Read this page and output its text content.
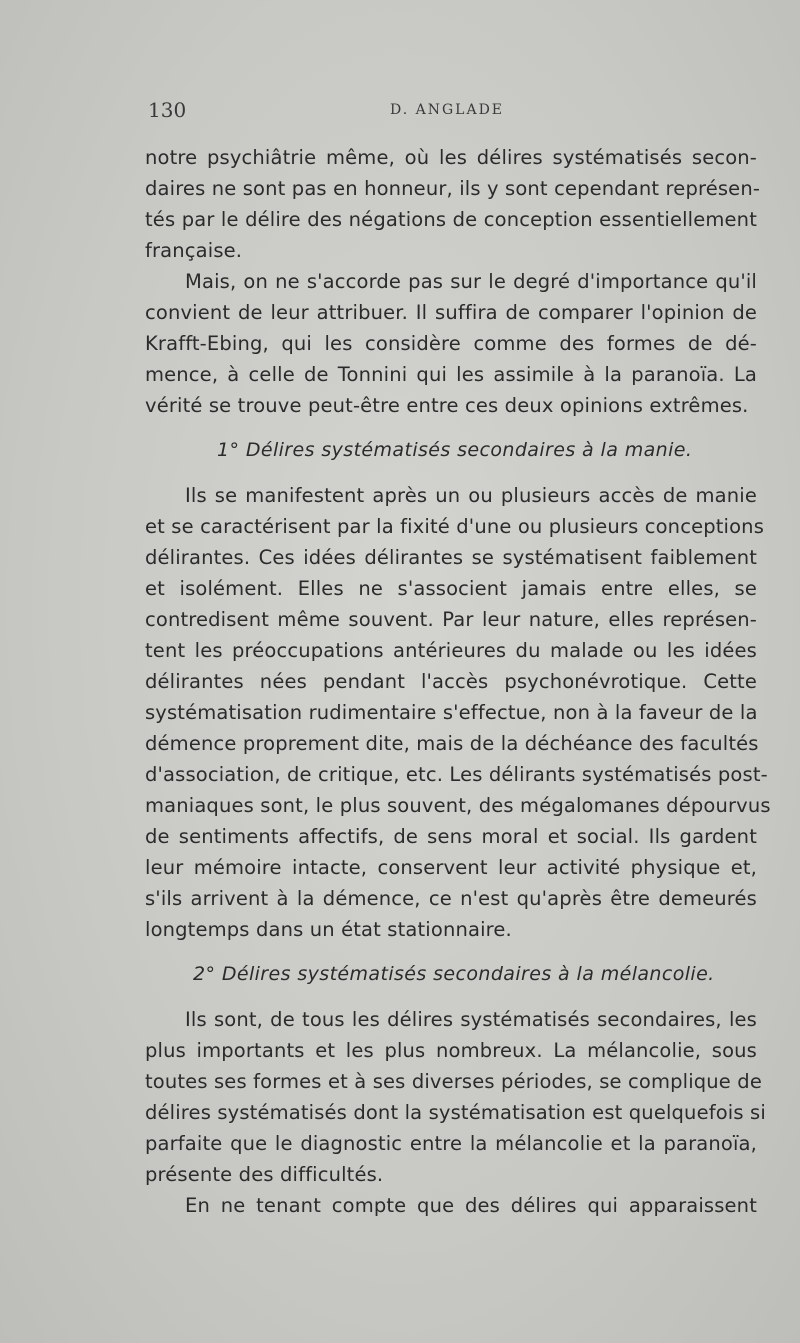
130	D. ANGLADE
notre psychiâtrie même, où les délires systématisés secon-
daires ne sont pas en honneur, ils y sont cependant représen-
tés par le délire des négations de conception essentiellement
française.
Mais, on ne s'accorde pas sur le degré d'importance qu'il
convient de leur attribuer. Il suffira de comparer l'opinion de
Krafft-Ebing, qui les considère comme des formes de dé-
mence, à celle de Tonnini qui les assimile à la paranoïa. La
vérité se trouve peut-être entre ces deux opinions extrêmes.
1° Délires systématisés secondaires à la manie.
Ils se manifestent après un ou plusieurs accès de manie
et se caractérisent par la fixité d'une ou plusieurs conceptions
délirantes. Ces idées délirantes se systématisent faiblement
et isolément. Elles ne s'associent jamais entre elles, se
contredisent même souvent. Par leur nature, elles représen-
tent les préoccupations antérieures du malade ou les idées
délirantes nées pendant l'accès psychonévrotique. Cette
systématisation rudimentaire s'effectue, non à la faveur de la
démence proprement dite, mais de la déchéance des facultés
d'association, de critique, etc. Les délirants systématisés post-
maniaques sont, le plus souvent, des mégalomanes dépourvus
de sentiments affectifs, de sens moral et social. Ils gardent
leur mémoire intacte, conservent leur activité physique et,
s'ils arrivent à la démence, ce n'est qu'après être demeurés
longtemps dans un état stationnaire.
2° Délires systématisés secondaires à la mélancolie.
Ils sont, de tous les délires systématisés secondaires, les
plus importants et les plus nombreux. La mélancolie, sous
toutes ses formes et à ses diverses périodes, se complique de
délires systématisés dont la systématisation est quelquefois si
parfaite que le diagnostic entre la mélancolie et la paranoïa,
présente des difficultés.
En ne tenant compte que des délires qui apparaissent
